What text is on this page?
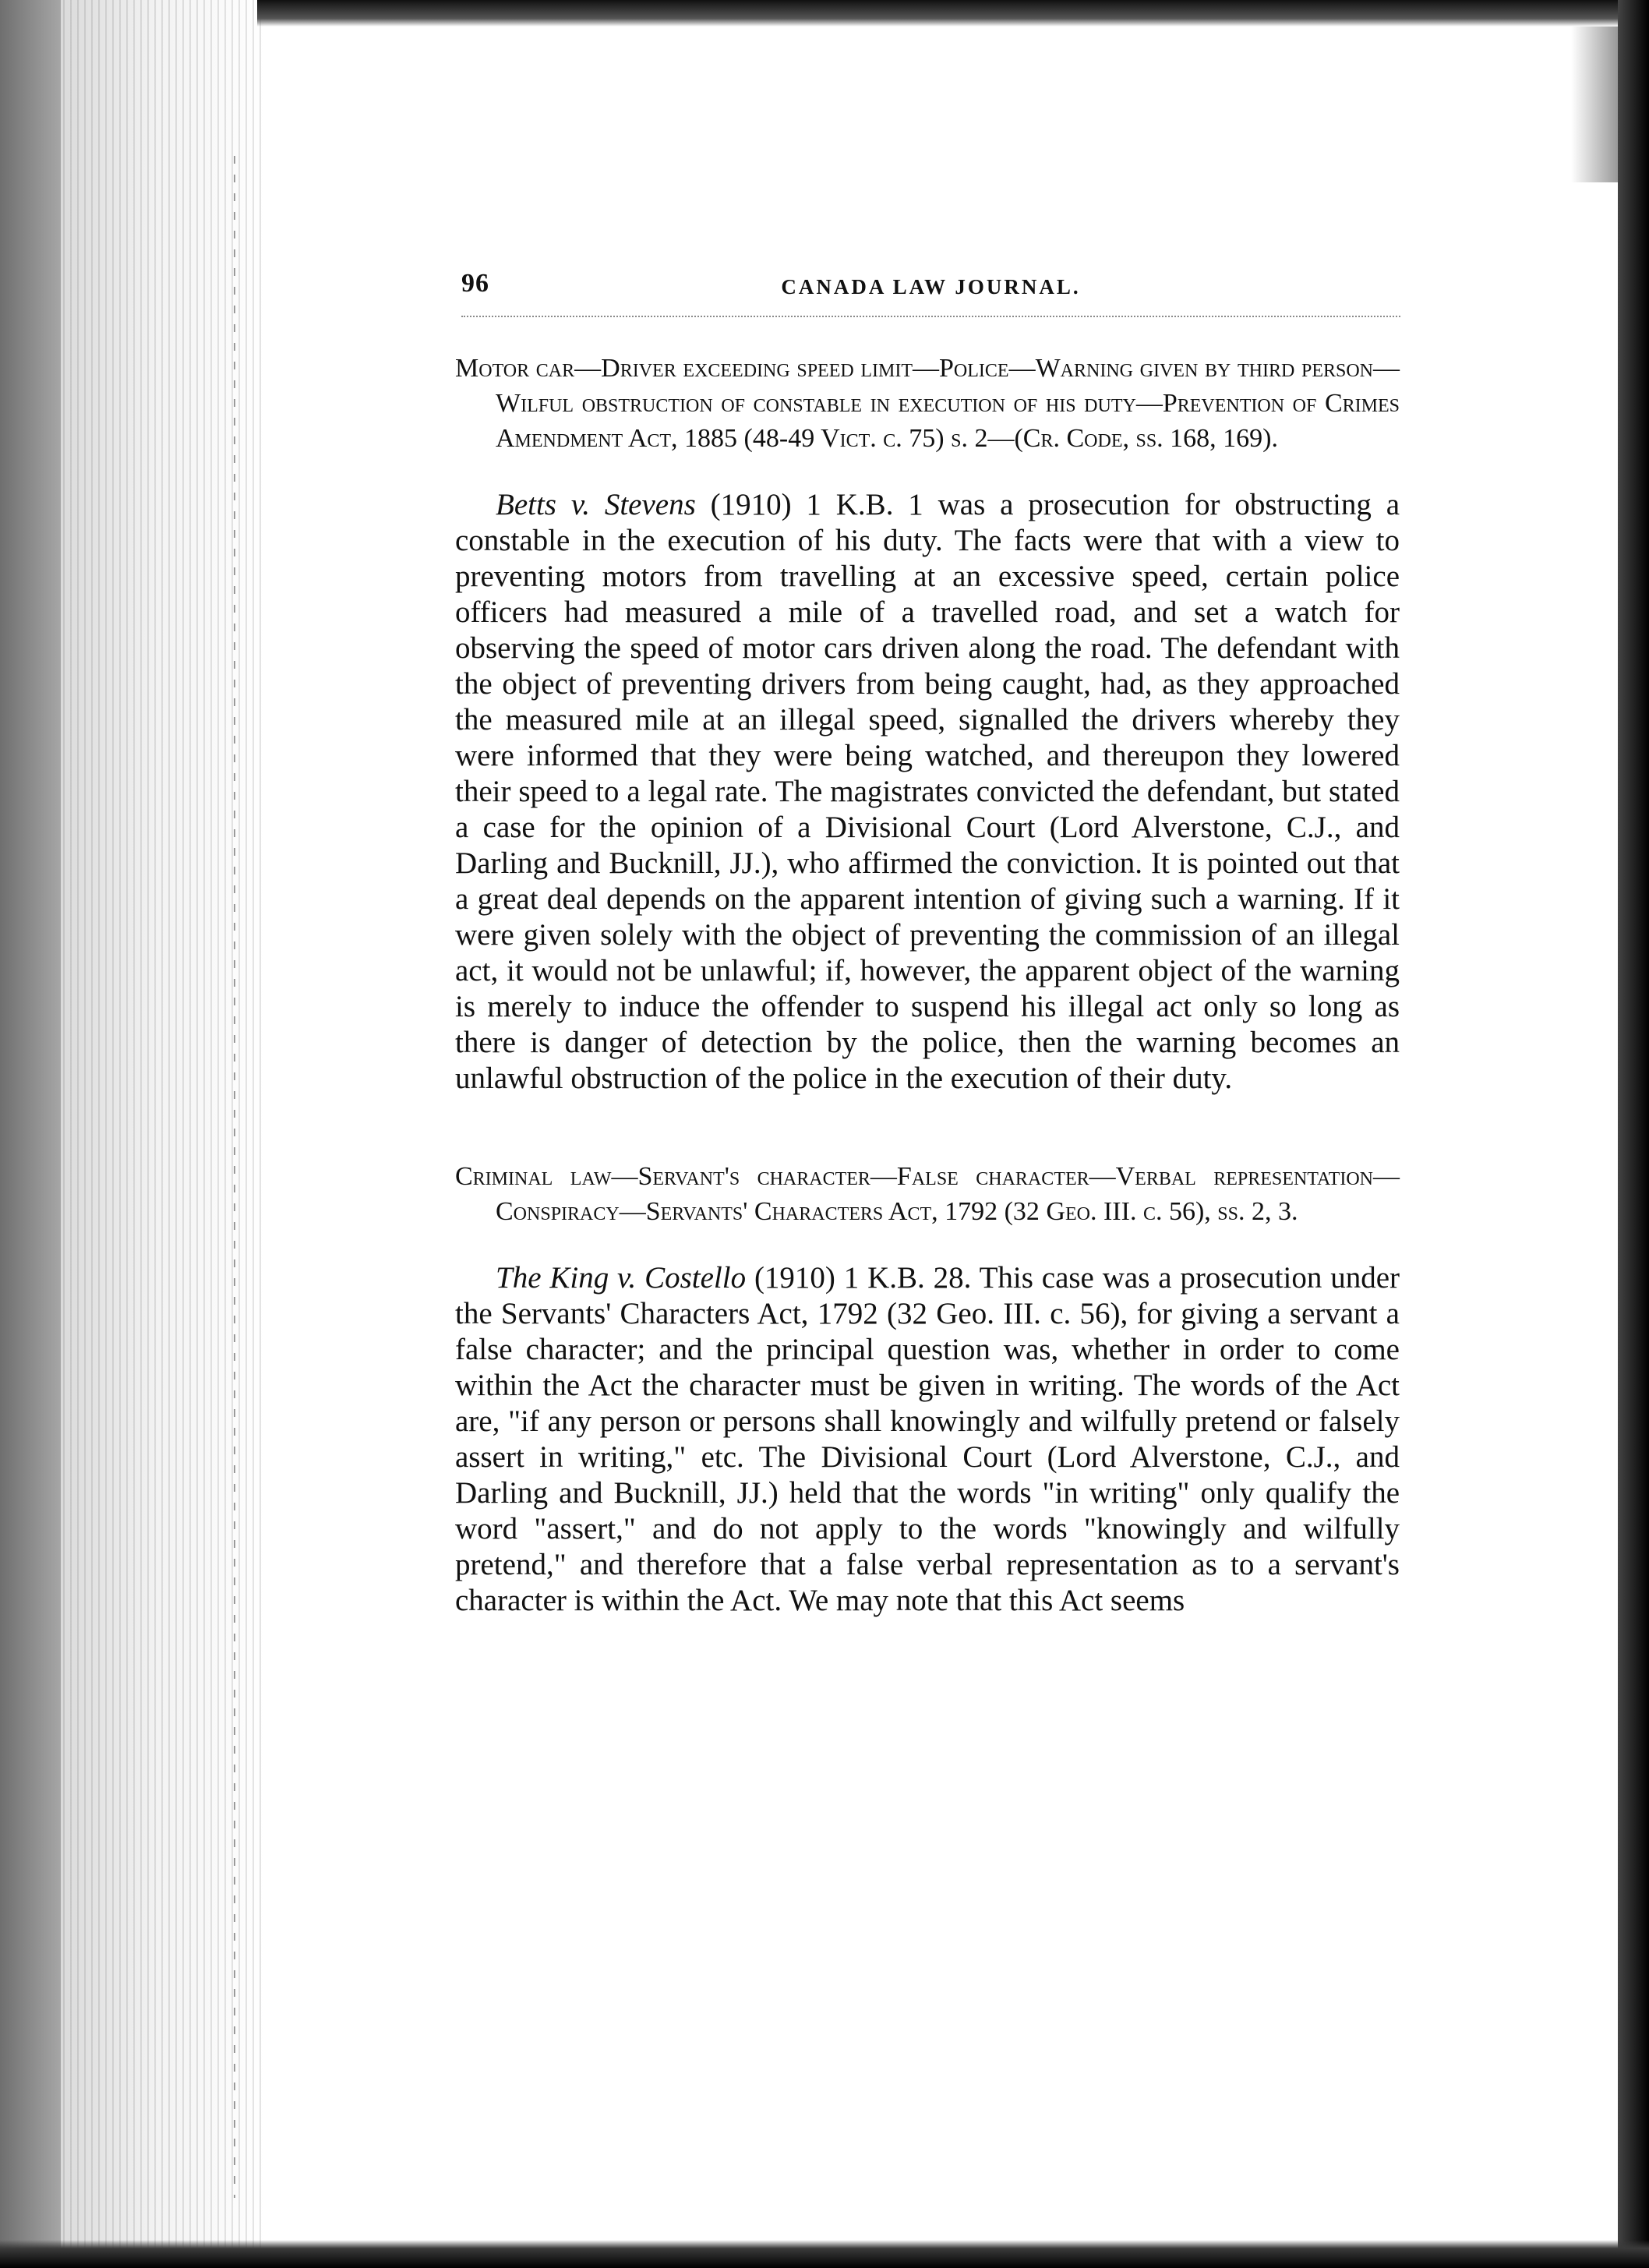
96	CANADA LAW JOURNAL.

Motor car—Driver exceeding speed limit—Police—Warning given by third person—Wilful obstruction of constable in execution of his duty—Prevention of Crimes Amendment Act, 1885 (48-49 Vict. c. 75) s. 2—(Cr. Code, ss. 168, 169).

Betts v. Stevens (1910) 1 K.B. 1 was a prosecution for obstructing a constable in the execution of his duty. The facts were that with a view to preventing motors from travelling at an excessive speed, certain police officers had measured a mile of a travelled road, and set a watch for observing the speed of motor cars driven along the road. The defendant with the object of preventing drivers from being caught, had, as they approached the measured mile at an illegal speed, signalled the drivers whereby they were informed that they were being watched, and thereupon they lowered their speed to a legal rate. The magistrates convicted the defendant, but stated a case for the opinion of a Divisional Court (Lord Alverstone, C.J., and Darling and Bucknill, JJ.), who affirmed the conviction. It is pointed out that a great deal depends on the apparent intention of giving such a warning. If it were given solely with the object of preventing the commission of an illegal act, it would not be unlawful; if, however, the apparent object of the warning is merely to induce the offender to suspend his illegal act only so long as there is danger of detection by the police, then the warning becomes an unlawful obstruction of the police in the execution of their duty.

Criminal law—Servant's character—False character—Verbal representation—Conspiracy—Servants' Characters Act, 1792 (32 Geo. III. c. 56), ss. 2, 3.

The King v. Costello (1910) 1 K.B. 28. This case was a prosecution under the Servants' Characters Act, 1792 (32 Geo. III. c. 56), for giving a servant a false character; and the principal question was, whether in order to come within the Act the character must be given in writing. The words of the Act are, "if any person or persons shall knowingly and wilfully pretend or falsely assert in writing," etc. The Divisional Court (Lord Alverstone, C.J., and Darling and Bucknill, JJ.) held that the words "in writing" only qualify the word "assert," and do not apply to the words "knowingly and wilfully pretend," and therefore that a false verbal representation as to a servant's character is within the Act. We may note that this Act seems
